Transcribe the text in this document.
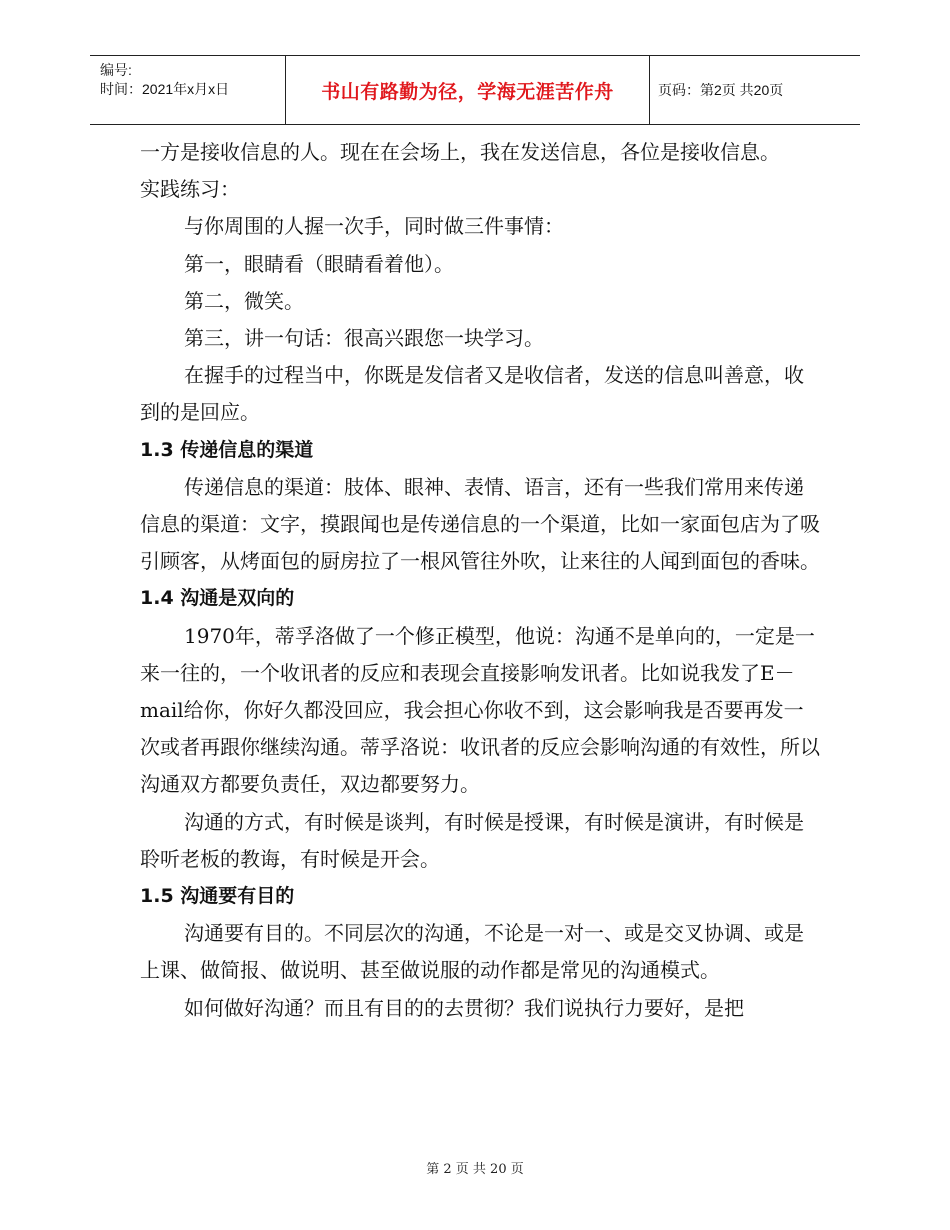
编号:
时间：2021年x月x日	书山有路勤为径，学海无涯苦作舟	页码：第2页 共20页

一方是接收信息的人。现在在会场上，我在发送信息，各位是接收信息。

实践练习：

与你周围的人握一次手，同时做三件事情：

第一，眼睛看（眼睛看着他）。

第二，微笑。

第三，讲一句话：很高兴跟您一块学习。

在握手的过程当中，你既是发信者又是收信者，发送的信息叫善意，收到的是回应。

1.3 传递信息的渠道

传递信息的渠道：肢体、眼神、表情、语言，还有一些我们常用来传递信息的渠道：文字，摸跟闻也是传递信息的一个渠道，比如一家面包店为了吸引顾客，从烤面包的厨房拉了一根风管往外吹，让来往的人闻到面包的香味。

1.4 沟通是双向的

1970年，蒂孚洛做了一个修正模型，他说：沟通不是单向的，一定是一来一往的，一个收讯者的反应和表现会直接影响发讯者。比如说我发了E－mail给你，你好久都没回应，我会担心你收不到，这会影响我是否要再发一次或者再跟你继续沟通。蒂孚洛说：收讯者的反应会影响沟通的有效性，所以沟通双方都要负责任，双边都要努力。

沟通的方式，有时候是谈判，有时候是授课，有时候是演讲，有时候是聆听老板的教诲，有时候是开会。

1.5 沟通要有目的

沟通要有目的。不同层次的沟通，不论是一对一、或是交叉协调、或是上课、做简报、做说明、甚至做说服的动作都是常见的沟通模式。

如何做好沟通？而且有目的的去贯彻？我们说执行力要好，是把

第 2 页 共 20 页
